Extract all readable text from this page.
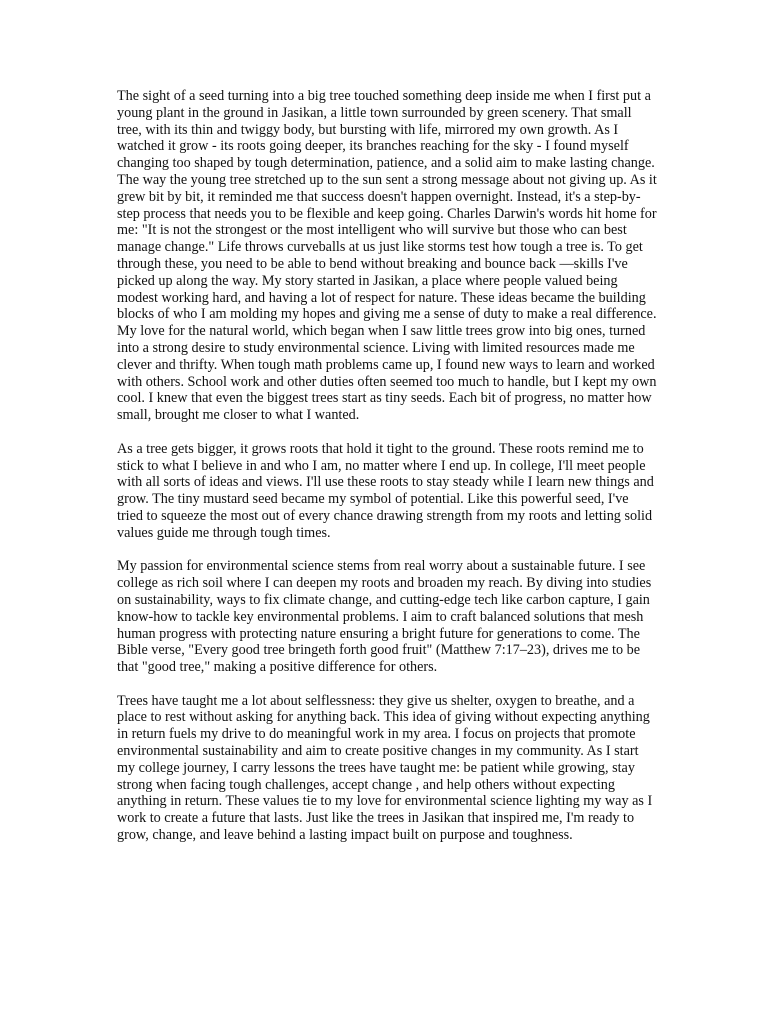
The sight of a seed turning into a big tree touched something deep inside me when I first put a young plant in the ground in Jasikan, a little town surrounded by green scenery. That small tree, with its thin and twiggy body, but bursting with life, mirrored my own growth. As I watched it grow - its roots going deeper, its branches reaching for the sky - I found myself changing too shaped by tough determination, patience, and a solid aim to make lasting change. The way the young tree stretched up to the sun sent a strong message about not giving up. As it grew bit by bit, it reminded me that success doesn't happen overnight. Instead, it's a step-by-step process that needs you to be flexible and keep going. Charles Darwin's words hit home for me: "It is not the strongest or the most intelligent who will survive but those who can best manage change." Life throws curveballs at us just like storms test how tough a tree is. To get through these, you need to be able to bend without breaking and bounce back —skills I've picked up along the way. My story started in Jasikan, a place where people valued being modest working hard, and having a lot of respect for nature. These ideas became the building blocks of who I am molding my hopes and giving me a sense of duty to make a real difference. My love for the natural world, which began when I saw little trees grow into big ones, turned into a strong desire to study environmental science. Living with limited resources made me clever and thrifty. When tough math problems came up, I found new ways to learn and worked with others. School work and other duties often seemed too much to handle, but I kept my own cool. I knew that even the biggest trees start as tiny seeds. Each bit of progress, no matter how small, brought me closer to what I wanted.

As a tree gets bigger, it grows roots that hold it tight to the ground. These roots remind me to stick to what I believe in and who I am, no matter where I end up. In college, I'll meet people with all sorts of ideas and views. I'll use these roots to stay steady while I learn new things and grow. The tiny mustard seed became my symbol of potential. Like this powerful seed, I've tried to squeeze the most out of every chance drawing strength from my roots and letting solid values guide me through tough times.

My passion for environmental science stems from real worry about a sustainable future. I see college as rich soil where I can deepen my roots and broaden my reach. By diving into studies on sustainability, ways to fix climate change, and cutting-edge tech like carbon capture, I gain know-how to tackle key environmental problems. I aim to craft balanced solutions that mesh human progress with protecting nature ensuring a bright future for generations to come. The Bible verse, "Every good tree bringeth forth good fruit" (Matthew 7:17–23), drives me to be that "good tree," making a positive difference for others.

Trees have taught me a lot about selflessness: they give us shelter, oxygen to breathe, and a place to rest without asking for anything back. This idea of giving without expecting anything in return fuels my drive to do meaningful work in my area. I focus on projects that promote environmental sustainability and aim to create positive changes in my community. As I start my college journey, I carry lessons the trees have taught me: be patient while growing, stay strong when facing tough challenges, accept change , and help others without expecting anything in return. These values tie to my love for environmental science lighting my way as I work to create a future that lasts. Just like the trees in Jasikan that inspired me, I'm ready to grow, change, and leave behind a lasting impact built on purpose and toughness.
